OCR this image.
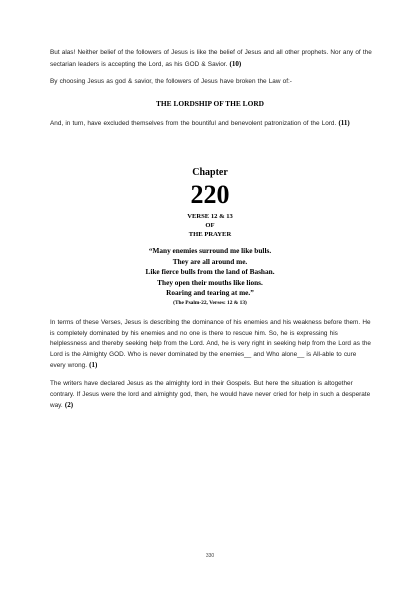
But alas! Neither belief of the followers of Jesus is like the belief of Jesus and all other prophets. Nor any of the sectarian leaders is accepting the Lord, as his GOD & Savior. (10)
By choosing Jesus as god & savior, the followers of Jesus have broken the Law of:-
THE LORDSHIP OF THE LORD
And, in turn, have excluded themselves from the bountiful and benevolent patronization of the Lord. (11)
Chapter
220
VERSE 12 & 13
OF
THE PRAYER
“Many enemies surround me like bulls.
They are all around me.
Like fierce bulls from the land of Bashan.
They open their mouths like lions.
Roaring and tearing at me.”
(The Psalm-22, Verses: 12 & 13)
In terms of these Verses, Jesus is describing the dominance of his enemies and his weakness before them. He is completely dominated by his enemies and no one is there to rescue him. So, he is expressing his helplessness and thereby seeking help from the Lord. And, he is very right in seeking help from the Lord as the Lord is the Almighty GOD. Who is never dominated by the enemies__ and Who alone__ is All-able to cure every wrong. (1)
The writers have declared Jesus as the almighty lord in their Gospels. But here the situation is altogether contrary. If Jesus were the lord and almighty god, then, he would have never cried for help in such a desperate way. (2)
330
